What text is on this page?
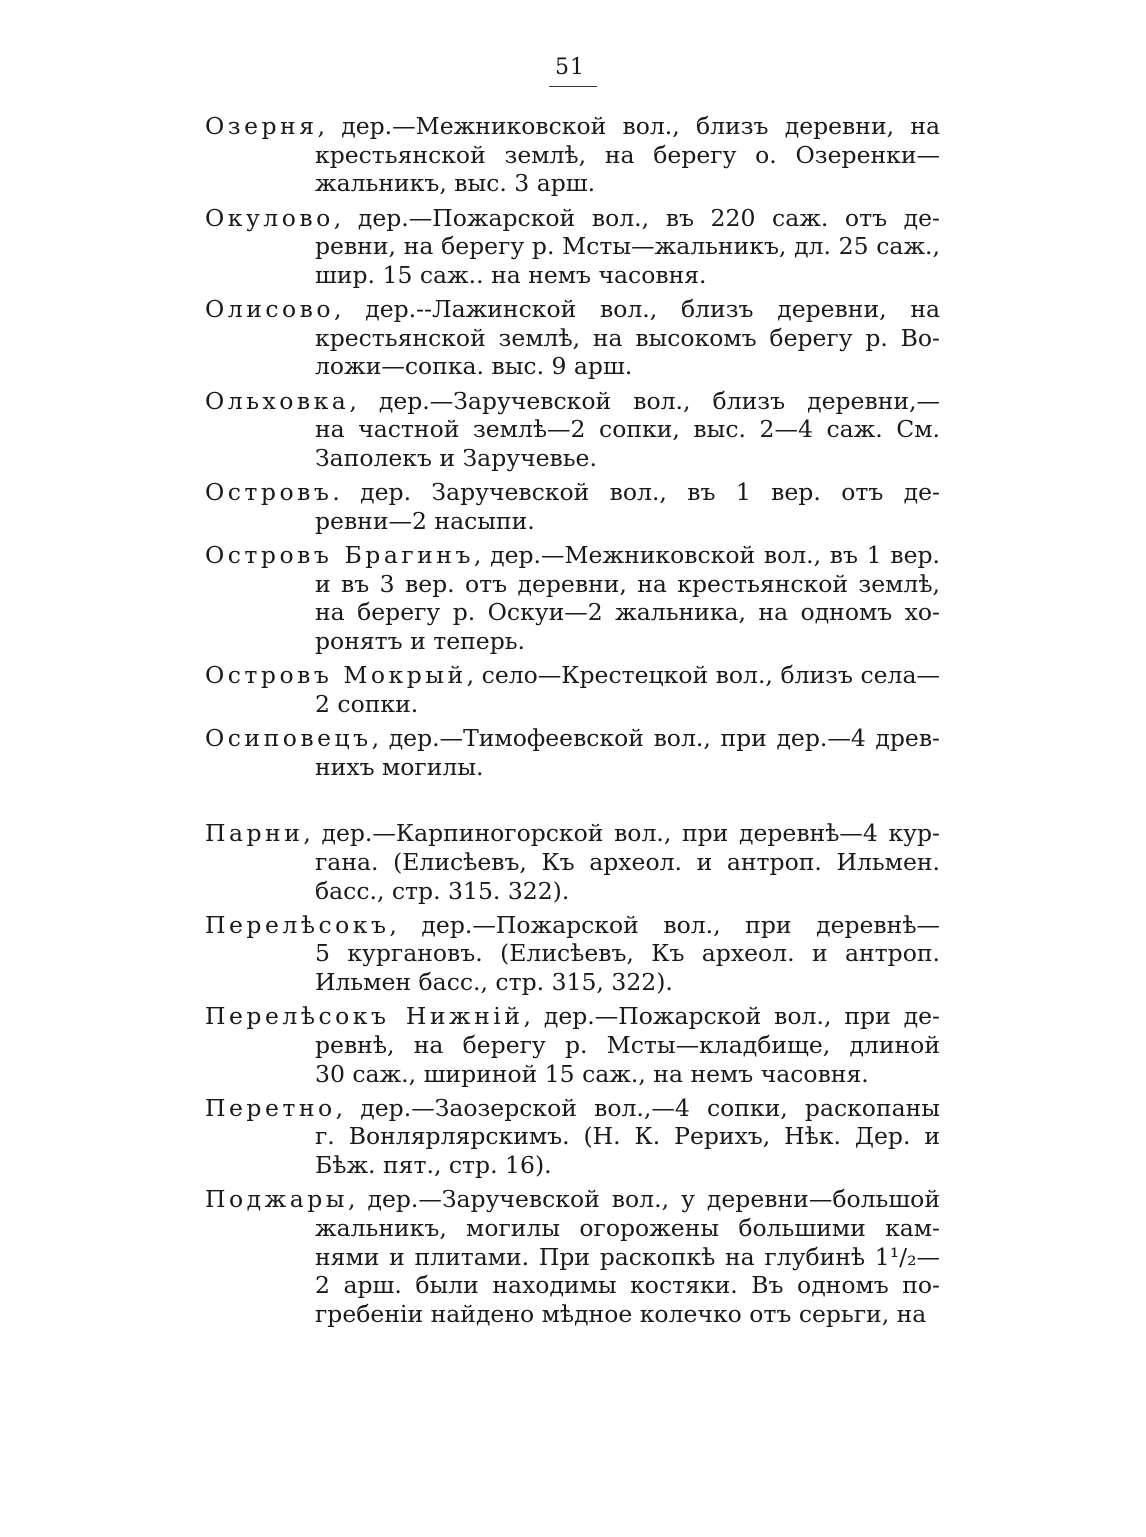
51
Озерня, дер.—Межниковской вол., близъ деревни, на
крестьянской землѣ, на берегу о. Озеренки—
жальникъ, выс. 3 арш.
Окулово, дер.—Пожарской вол., въ 220 саж. отъ де-
ревни, на берегу р. Мсты—жальникъ, дл. 25 саж.,
шир. 15 саж.. на немъ часовня.
Олисово, дер.--Лажинской вол., близъ деревни, на
крестьянской землѣ, на высокомъ берегу р. Во-
ложи—сопка. выс. 9 арш.
Ольховка, дер.—Заручевской вол., близъ деревни,—
на частной землѣ—2 сопки, выс. 2—4 саж. См.
Заполекъ и Заручевье.
Островъ. дер. Заручевской вол., въ 1 вер. отъ де-
ревни—2 насыпи.
Островъ Брагинъ, дер.—Межниковской вол., въ 1 вер.
и въ 3 вер. отъ деревни, на крестьянской землѣ,
на берегу р. Оскуи—2 жальника, на одномъ хо-
ронятъ и теперь.
Островъ Мокрый, село—Крестецкой вол., близъ села—
2 сопки.
Осиповецъ, дер.—Тимофеевской вол., при дер.—4 древ-
нихъ могилы.
Парни, дер.—Карпиногорской вол., при деревнѣ—4 кур-
гана. (Елисѣевъ, Къ археол. и антроп. Ильмен.
басс., стр. 315. 322).
Перелѣсокъ, дер.—Пожарской вол., при деревнѣ—
5 кургановъ. (Елисѣевъ, Къ археол. и антроп.
Ильмен басс., стр. 315, 322).
Перелѣсокъ Нижній, дер.—Пожарской вол., при де-
ревнѣ, на берегу р. Мсты—кладбище, длиной
30 саж., шириной 15 саж., на немъ часовня.
Перетно, дер.—Заозерской вол.,—4 сопки, раскопаны
г. Вонлярлярскимъ. (Н. К. Рерихъ, Нѣк. Дер. и
Бѣж. пят., стр. 16).
Поджары, дер.—Заручевской вол., у деревни—большой
жальникъ, могилы огорожены большими кам-
нями и плитами. При раскопкѣ на глубинѣ 1¹/₂—
2 арш. были находимы костяки. Въ одномъ по-
гребеніи найдено мѣдное колечко отъ серьги, на
